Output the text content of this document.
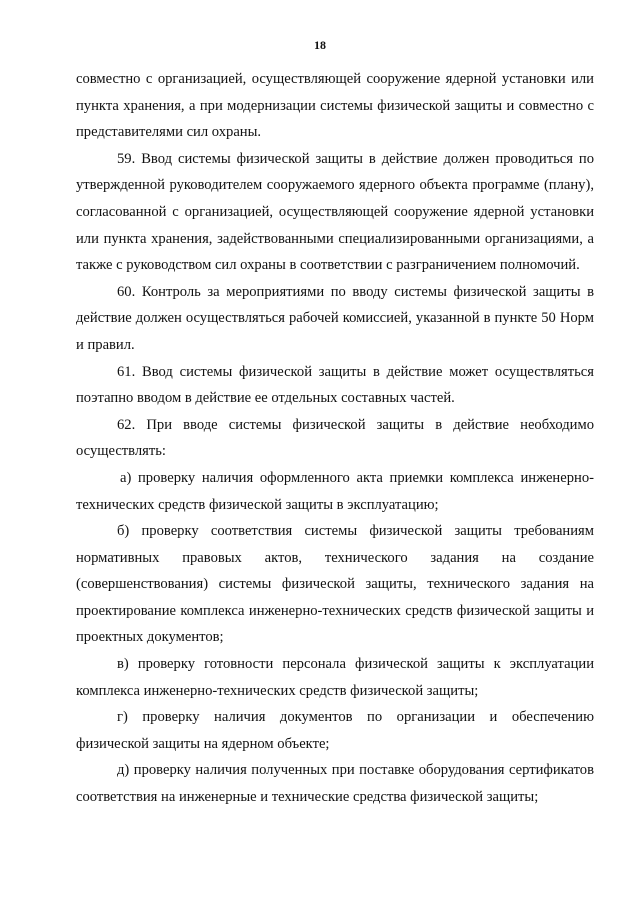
18

совместно с организацией, осуществляющей сооружение ядерной установки или пункта хранения, а при модернизации системы физической защиты и совместно с представителями сил охраны.

59. Ввод системы физической защиты в действие должен проводиться по утвержденной руководителем сооружаемого ядерного объекта программе (плану), согласованной с организацией, осуществляющей сооружение ядерной установки или пункта хранения, задействованными специализированными организациями, а также с руководством сил охраны в соответствии с разграничением полномочий.

60. Контроль за мероприятиями по вводу системы физической защиты в действие должен осуществляться рабочей комиссией, указанной в пункте 50 Норм и правил.

61. Ввод системы физической защиты в действие может осуществляться поэтапно вводом в действие ее отдельных составных частей.

62. При вводе системы физической защиты в действие необходимо осуществлять:

а) проверку наличия оформленного акта приемки комплекса инженерно-технических средств физической защиты в эксплуатацию;

б) проверку соответствия системы физической защиты требованиям нормативных правовых актов, технического задания на создание (совершенствования) системы физической защиты, технического задания на проектирование комплекса инженерно-технических средств физической защиты и проектных документов;

в) проверку готовности персонала физической защиты к эксплуатации комплекса инженерно-технических средств физической защиты;

г) проверку наличия документов по организации и обеспечению физической защиты на ядерном объекте;

д) проверку наличия полученных при поставке оборудования сертификатов соответствия на инженерные и технические средства физической защиты;
